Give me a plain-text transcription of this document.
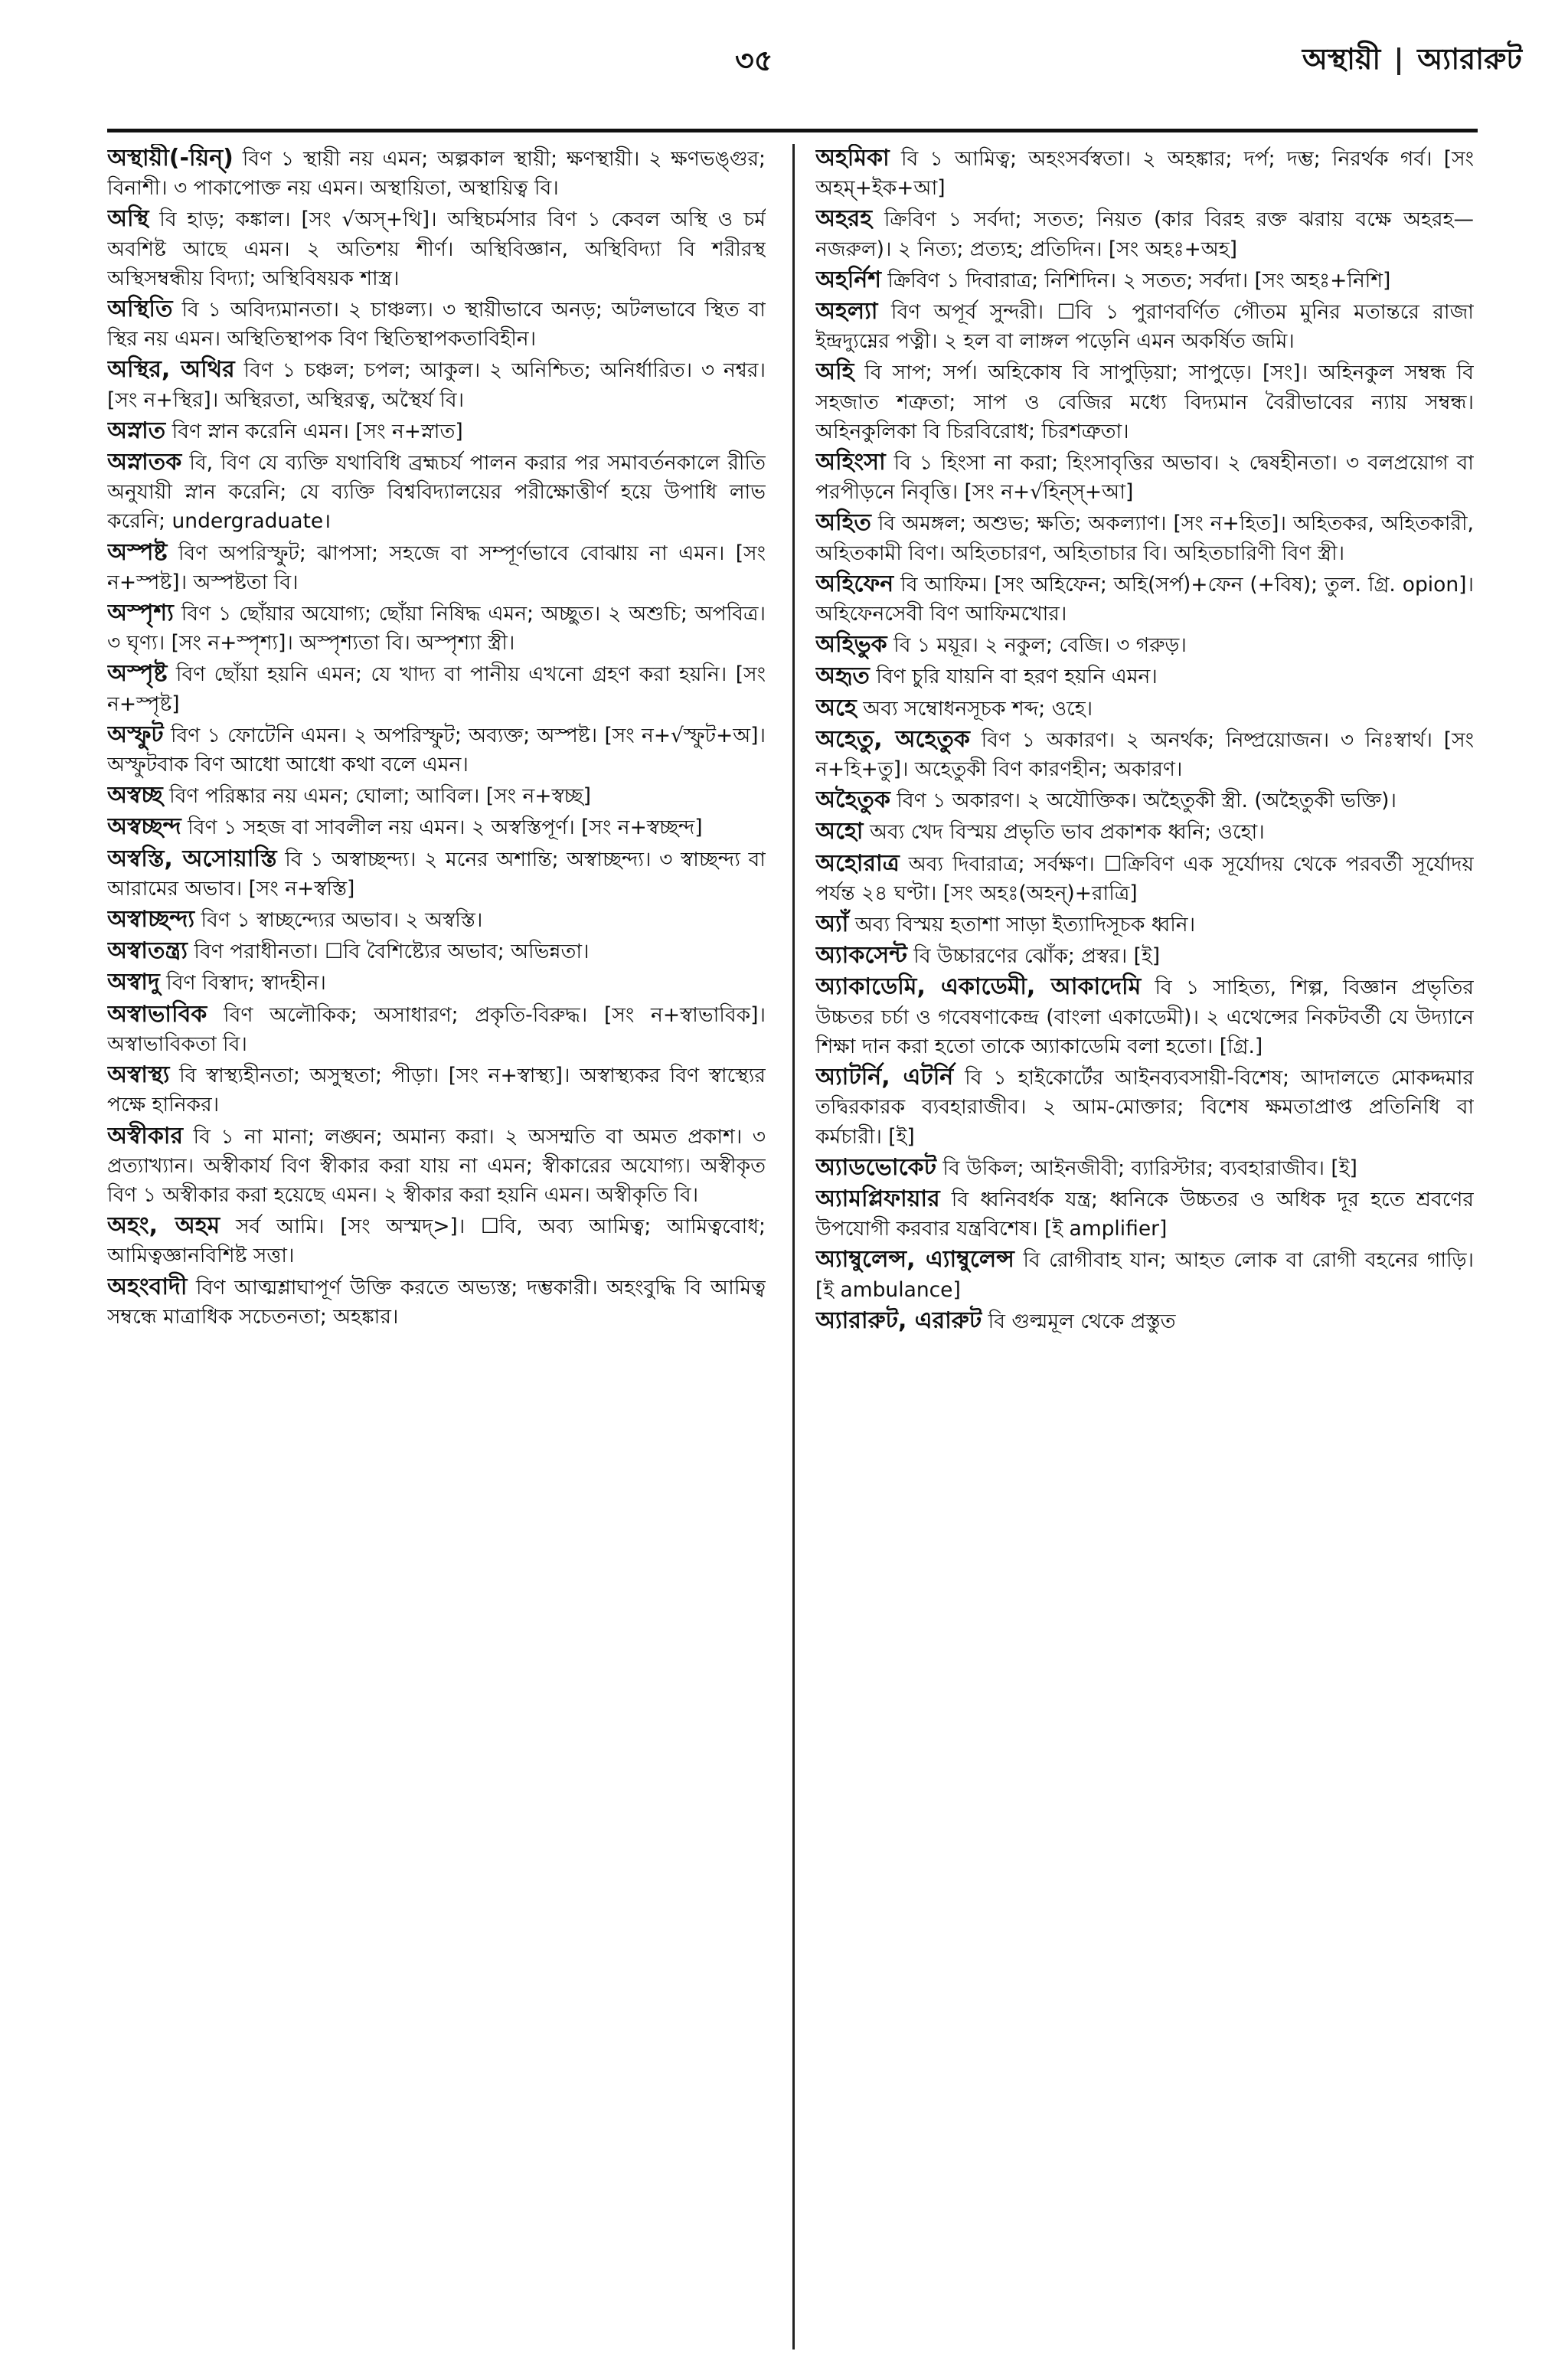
৩৫	অস্থায়ী অ্যারারুট

অস্থায়ী(-য়িন্) বিণ ১ স্থায়ী নয় এমন; অল্পকাল স্থায়ী; ক্ষণস্থায়ী। ২ ক্ষণভঙ্গুর; বিনাশী। ৩ পাকাপোক্ত নয় এমন। অস্থায়িতা, অস্থায়িত্ব বি।

অস্থি বি হাড়; কঙ্কাল। [সং √অস্+থি]। অস্থিচর্মসার বিণ ১ কেবল অস্থি ও চর্ম অবশিষ্ট আছে এমন। ২ অতিশয় শীর্ণ। অস্থিবিজ্ঞান, অস্থিবিদ্যা বি শরীরস্থ অস্থিসম্বন্ধীয় বিদ্যা; অস্থিবিষয়ক শাস্ত্র।

অস্থিতি বি ১ অবিদ্যমানতা। ২ চাঞ্চল্য। ৩ স্থায়ীভাবে অনড়; অটলভাবে স্থিত বা স্থির নয় এমন। অস্থিতিস্থাপক বিণ স্থিতিস্থাপকতাবিহীন।

অস্থির, অথির বিণ ১ চঞ্চল; চপল; আকুল। ২ অনিশ্চিত; অনির্ধারিত। ৩ নশ্বর। [সং ন+স্থির]। অস্থিরতা, অস্থিরত্ব, অস্থৈর্য বি।

অস্নাত বিণ স্নান করেনি এমন। [সং ন+স্নাত]

অস্নাতক বি, বিণ যে ব্যক্তি যথাবিধি ব্রহ্মচর্য পালন করার পর সমাবর্তনকালে রীতি অনুযায়ী স্নান করেনি; যে ব্যক্তি বিশ্ববিদ্যালয়ের পরীক্ষোত্তীর্ণ হয়ে উপাধি লাভ করেনি; undergraduate।

অস্পষ্ট বিণ অপরিস্ফুট; ঝাপসা; সহজে বা সম্পূর্ণভাবে বোঝায় না এমন। [সং ন+স্পষ্ট]। অস্পষ্টতা বি।

অস্পৃশ্য বিণ ১ ছোঁয়ার অযোগ্য; ছোঁয়া নিষিদ্ধ এমন; অচ্ছুত। ২ অশুচি; অপবিত্র। ৩ ঘৃণ্য। [সং ন+স্পৃশ্য]। অস্পৃশ্যতা বি। অস্পৃশ্যা স্ত্রী।

অস্পৃষ্ট বিণ ছোঁয়া হয়নি এমন; যে খাদ্য বা পানীয় এখনো গ্রহণ করা হয়নি। [সং ন+স্পৃষ্ট]

অস্ফুট বিণ ১ ফোটেনি এমন। ২ অপরিস্ফুট; অব্যক্ত; অস্পষ্ট। [সং ন+√স্ফুট+অ]। অস্ফুটবাক বিণ আধো আধো কথা বলে এমন।

অস্বচ্ছ বিণ পরিষ্কার নয় এমন; ঘোলা; আবিল। [সং ন+স্বচ্ছ]

অস্বচ্ছন্দ বিণ ১ সহজ বা সাবলীল নয় এমন। ২ অস্বস্তিপূর্ণ। [সং ন+স্বচ্ছন্দ]

অস্বস্তি, অসোয়াস্তি বি ১ অস্বাচ্ছন্দ্য। ২ মনের অশান্তি; অস্বাচ্ছন্দ্য। ৩ স্বাচ্ছন্দ্য বা আরামের অভাব। [সং ন+স্বস্তি]

অস্বাচ্ছন্দ্য বিণ ১ স্বাচ্ছন্দ্যের অভাব। ২ অস্বস্তি।

অস্বাতন্ত্র্য বিণ পরাধীনতা। ☐বি বৈশিষ্ট্যের অভাব; অভিন্নতা।

অস্বাদু বিণ বিস্বাদ; স্বাদহীন।

অস্বাভাবিক বিণ অলৌকিক; অসাধারণ; প্রকৃতি-বিরুদ্ধ। [সং ন+স্বাভাবিক]। অস্বাভাবিকতা বি।

অস্বাস্থ্য বি স্বাস্থ্যহীনতা; অসুস্থতা; পীড়া। [সং ন+স্বাস্থ্য]। অস্বাস্থ্যকর বিণ স্বাস্থ্যের পক্ষে হানিকর।

অস্বীকার বি ১ না মানা; লঙ্ঘন; অমান্য করা। ২ অসম্মতি বা অমত প্রকাশ। ৩ প্রত্যাখ্যান। অস্বীকার্য বিণ স্বীকার করা যায় না এমন; স্বীকারের অযোগ্য। অস্বীকৃত বিণ ১ অস্বীকার করা হয়েছে এমন। ২ স্বীকার করা হয়নি এমন। অস্বীকৃতি বি।

অহং, অহম সর্ব আমি। [সং অস্মদ্>]। ☐বি, অব্য আমিত্ব; আমিত্ববোধ; আমিত্বজ্ঞানবিশিষ্ট সত্তা।

অহংবাদী বিণ আত্মশ্লাঘাপূর্ণ উক্তি করতে অভ্যস্ত; দম্ভকারী। অহংবুদ্ধি বি আমিত্ব সম্বন্ধে মাত্রাধিক সচেতনতা; অহঙ্কার।

অহমিকা বি ১ আমিত্ব; অহংসর্বস্বতা। ২ অহঙ্কার; দর্প; দম্ভ; নিরর্থক গর্ব। [সং অহম্+ইক+আ]

অহরহ ক্রিবিণ ১ সর্বদা; সতত; নিয়ত (কার বিরহ রক্ত ঝরায় বক্ষে অহরহ—নজরুল)। ২ নিত্য; প্রত্যহ; প্রতিদিন। [সং অহঃ+অহ]

অহর্নিশ ক্রিবিণ ১ দিবারাত্র; নিশিদিন। ২ সতত; সর্বদা। [সং অহঃ+নিশি]

অহল্যা বিণ অপূর্ব সুন্দরী। ☐বি ১ পুরাণবর্ণিত গৌতম মুনির মতান্তরে রাজা ইন্দ্রদ্যুম্নের পত্নী। ২ হল বা লাঙ্গল পড়েনি এমন অকর্ষিত জমি।

অহি বি সাপ; সর্প। অহিকোষ বি সাপুড়িয়া; সাপুড়ে। [সং]। অহিনকুল সম্বন্ধ বি সহজাত শত্রুতা; সাপ ও বেজির মধ্যে বিদ্যমান বৈরীভাবের ন্যায় সম্বন্ধ। অহিনকুলিকা বি চিরবিরোধ; চিরশত্রুতা।

অহিংসা বি ১ হিংসা না করা; হিংসাবৃত্তির অভাব। ২ দ্বেষহীনতা। ৩ বলপ্রয়োগ বা পরপীড়নে নিবৃত্তি। [সং ন+√হিন্স্+আ]

অহিত বি অমঙ্গল; অশুভ; ক্ষতি; অকল্যাণ। [সং ন+হিত]। অহিতকর, অহিতকারী, অহিতকামী বিণ। অহিতচারণ, অহিতাচার বি। অহিতচারিণী বিণ স্ত্রী।

অহিফেন বি আফিম। [সং অহিফেন; অহি(সর্প)+ফেন (+বিষ); তুল. গ্রি. opion]। অহিফেনসেবী বিণ আফিমখোর।

অহিভুক বি ১ ময়ূর। ২ নকুল; বেজি। ৩ গরুড়।

অহৃত বিণ চুরি যায়নি বা হরণ হয়নি এমন।

অহে অব্য সম্বোধনসূচক শব্দ; ওহে।

অহেতু, অহেতুক বিণ ১ অকারণ। ২ অনর্থক; নিষ্প্রয়োজন। ৩ নিঃস্বার্থ। [সং ন+হি+তু]। অহেতুকী বিণ কারণহীন; অকারণ।

অহৈতুক বিণ ১ অকারণ। ২ অযৌক্তিক। অহৈতুকী স্ত্রী. (অহৈতুকী ভক্তি)।

অহো অব্য খেদ বিস্ময় প্রভৃতি ভাব প্রকাশক ধ্বনি; ওহো।

অহোরাত্র অব্য দিবারাত্র; সর্বক্ষণ। ☐ক্রিবিণ এক সূর্যোদয় থেকে পরবর্তী সূর্যোদয় পর্যন্ত ২৪ ঘণ্টা। [সং অহঃ(অহন্)+রাত্রি]

অ্যাঁ অব্য বিস্ময় হতাশা সাড়া ইত্যাদিসূচক ধ্বনি।

অ্যাকসেন্ট বি উচ্চারণের ঝোঁক; প্রস্বর। [ই]

অ্যাকাডেমি, একাডেমী, আকাদেমি বি ১ সাহিত্য, শিল্প, বিজ্ঞান প্রভৃতির উচ্চতর চর্চা ও গবেষণাকেন্দ্র (বাংলা একাডেমী)। ২ এথেন্সের নিকটবর্তী যে উদ্যানে শিক্ষা দান করা হতো তাকে অ্যাকাডেমি বলা হতো। [গ্রি.]

অ্যাটর্নি, এটর্নি বি ১ হাইকোর্টের আইনব্যবসায়ী-বিশেষ; আদালতে মোকদ্দমার তদ্বিরকারক ব্যবহারাজীব। ২ আম-মোক্তার; বিশেষ ক্ষমতাপ্রাপ্ত প্রতিনিধি বা কর্মচারী। [ই]

অ্যাডভোকেট বি উকিল; আইনজীবী; ব্যারিস্টার; ব্যবহারাজীব। [ই]

অ্যামপ্লিফায়ার বি ধ্বনিবর্ধক যন্ত্র; ধ্বনিকে উচ্চতর ও অধিক দূর হতে শ্রবণের উপযোগী করবার যন্ত্রবিশেষ। [ই amplifier]

অ্যাম্বুলেন্স, এ্যাম্বুলেন্স বি রোগীবাহ যান; আহত লোক বা রোগী বহনের গাড়ি। [ই ambulance]

অ্যারারুট, এরারুট বি গুল্মমূল থেকে প্রস্তুত
